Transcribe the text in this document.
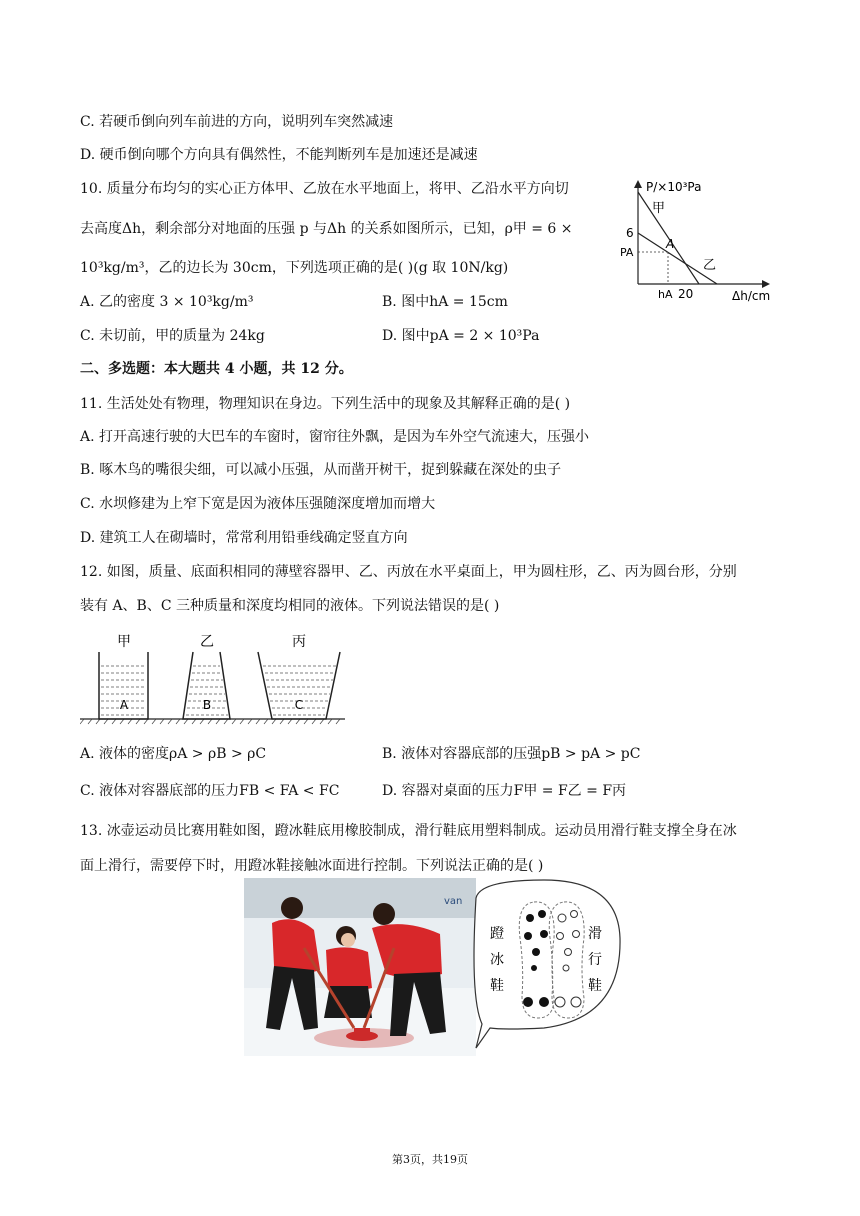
C. 若硬币倒向列车前进的方向，说明列车突然减速
D. 硬币倒向哪个方向具有偶然性，不能判断列车是加速还是减速
10. 质量分布均匀的实心正方体甲、乙放在水平地面上，将甲、乙沿水平方向切
去高度Δh，剩余部分对地面的压强 p 与Δh 的关系如图所示，已知，ρ甲 = 6 ×
10³kg/m³，乙的边长为 30cm，下列选项正确的是( )(g 取 10N/kg)
A. 乙的密度 3 × 10³kg/m³	B. 图中hA = 15cm
C. 未切前，甲的质量为 24kg	D. 图中pA = 2 × 10³Pa
二、多选题：本大题共 4 小题，共 12 分。
11. 生活处处有物理，物理知识在身边。下列生活中的现象及其解释正确的是( )
A. 打开高速行驶的大巴车的车窗时，窗帘往外飘，是因为车外空气流速大，压强小
B. 啄木鸟的嘴很尖细，可以减小压强，从而凿开树干，捉到躲藏在深处的虫子
C. 水坝修建为上窄下宽是因为液体压强随深度增加而增大
D. 建筑工人在砌墙时，常常利用铅垂线确定竖直方向
12. 如图，质量、底面积相同的薄壁容器甲、乙、丙放在水平桌面上，甲为圆柱形，乙、丙为圆台形，分别
装有 A、B、C 三种质量和深度均相同的液体。下列说法错误的是( )
甲
A
乙
B
丙
C
A. 液体的密度ρA > ρB > ρC	B. 液体对容器底部的压强pB > pA > pC
C. 液体对容器底部的压力FB < FA < FC	D. 容器对桌面的压力F甲 = F乙 = F丙
13. 冰壶运动员比赛用鞋如图，蹬冰鞋底用橡胶制成，滑行鞋底用塑料制成。运动员用滑行鞋支撑全身在冰
面上滑行，需要停下时，用蹬冰鞋接触冰面进行控制。下列说法正确的是( )
P/×10³Pa
Δh/cm
6
PA
hA 20
A
甲
乙
van
蹬
冰
鞋
滑
行
鞋
第3页，共19页
